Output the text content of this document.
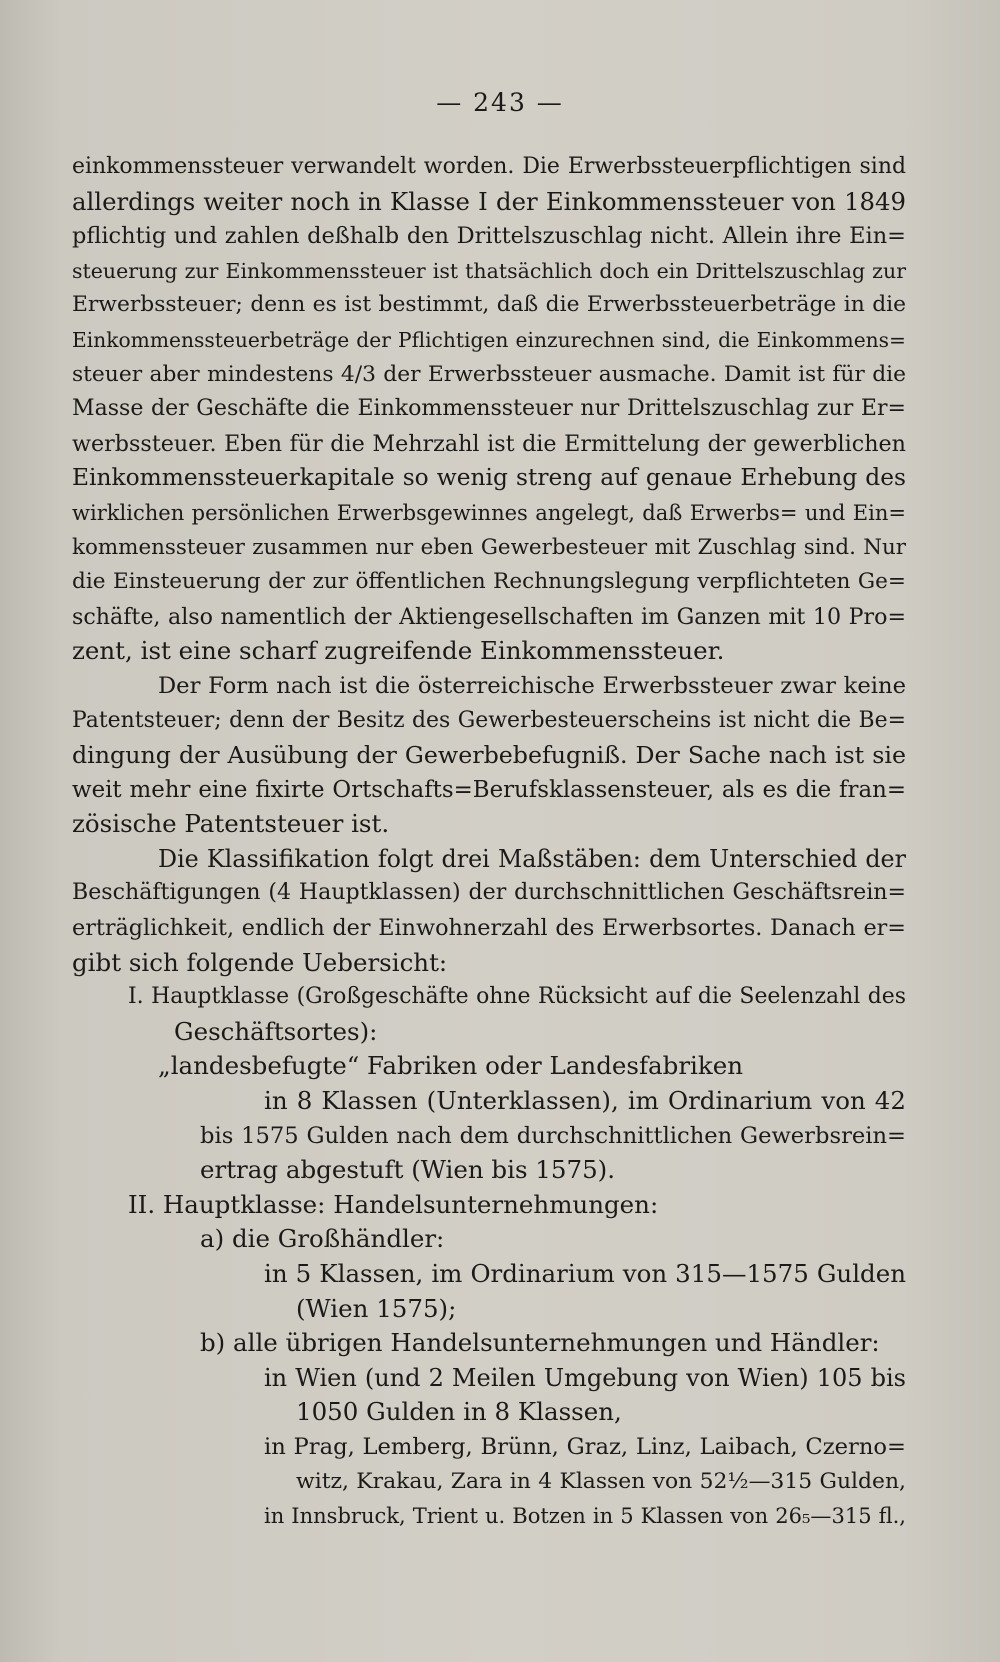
— 243 —
einkommenssteuer verwandelt worden. Die Erwerbssteuerpflichtigen sind
allerdings weiter noch in Klasse I der Einkommenssteuer von 1849
pflichtig und zahlen deßhalb den Drittelszuschlag nicht. Allein ihre Ein=
steuerung zur Einkommenssteuer ist thatsächlich doch ein Drittelszuschlag zur
Erwerbssteuer; denn es ist bestimmt, daß die Erwerbssteuerbeträge in die
Einkommenssteuerbeträge der Pflichtigen einzurechnen sind, die Einkommens=
steuer aber mindestens 4/3 der Erwerbssteuer ausmache. Damit ist für die
Masse der Geschäfte die Einkommenssteuer nur Drittelszuschlag zur Er=
werbssteuer. Eben für die Mehrzahl ist die Ermittelung der gewerblichen
Einkommenssteuerkapitale so wenig streng auf genaue Erhebung des
wirklichen persönlichen Erwerbsgewinnes angelegt, daß Erwerbs= und Ein=
kommenssteuer zusammen nur eben Gewerbesteuer mit Zuschlag sind. Nur
die Einsteuerung der zur öffentlichen Rechnungslegung verpflichteten Ge=
schäfte, also namentlich der Aktiengesellschaften im Ganzen mit 10 Pro=
zent, ist eine scharf zugreifende Einkommenssteuer.
Der Form nach ist die österreichische Erwerbssteuer zwar keine
Patentsteuer; denn der Besitz des Gewerbesteuerscheins ist nicht die Be=
dingung der Ausübung der Gewerbebefugniß. Der Sache nach ist sie
weit mehr eine fixirte Ortschafts=Berufsklassensteuer, als es die fran=
zösische Patentsteuer ist.
Die Klassifikation folgt drei Maßstäben: dem Unterschied der
Beschäftigungen (4 Hauptklassen) der durchschnittlichen Geschäftsrein=
erträglichkeit, endlich der Einwohnerzahl des Erwerbsortes. Danach er=
gibt sich folgende Uebersicht:
I. Hauptklasse (Großgeschäfte ohne Rücksicht auf die Seelenzahl des
Geschäftsortes):
„landesbefugte“ Fabriken oder Landesfabriken
in 8 Klassen (Unterklassen), im Ordinarium von 42
bis 1575 Gulden nach dem durchschnittlichen Gewerbsrein=
ertrag abgestuft (Wien bis 1575).
II. Hauptklasse: Handelsunternehmungen:
a) die Großhändler:
in 5 Klassen, im Ordinarium von 315—1575 Gulden
(Wien 1575);
b) alle übrigen Handelsunternehmungen und Händler:
in Wien (und 2 Meilen Umgebung von Wien) 105 bis
1050 Gulden in 8 Klassen,
in Prag, Lemberg, Brünn, Graz, Linz, Laibach, Czerno=
witz, Krakau, Zara in 4 Klassen von 52½—315 Gulden,
in Innsbruck, Trient u. Botzen in 5 Klassen von 26₅—315 fl.,
